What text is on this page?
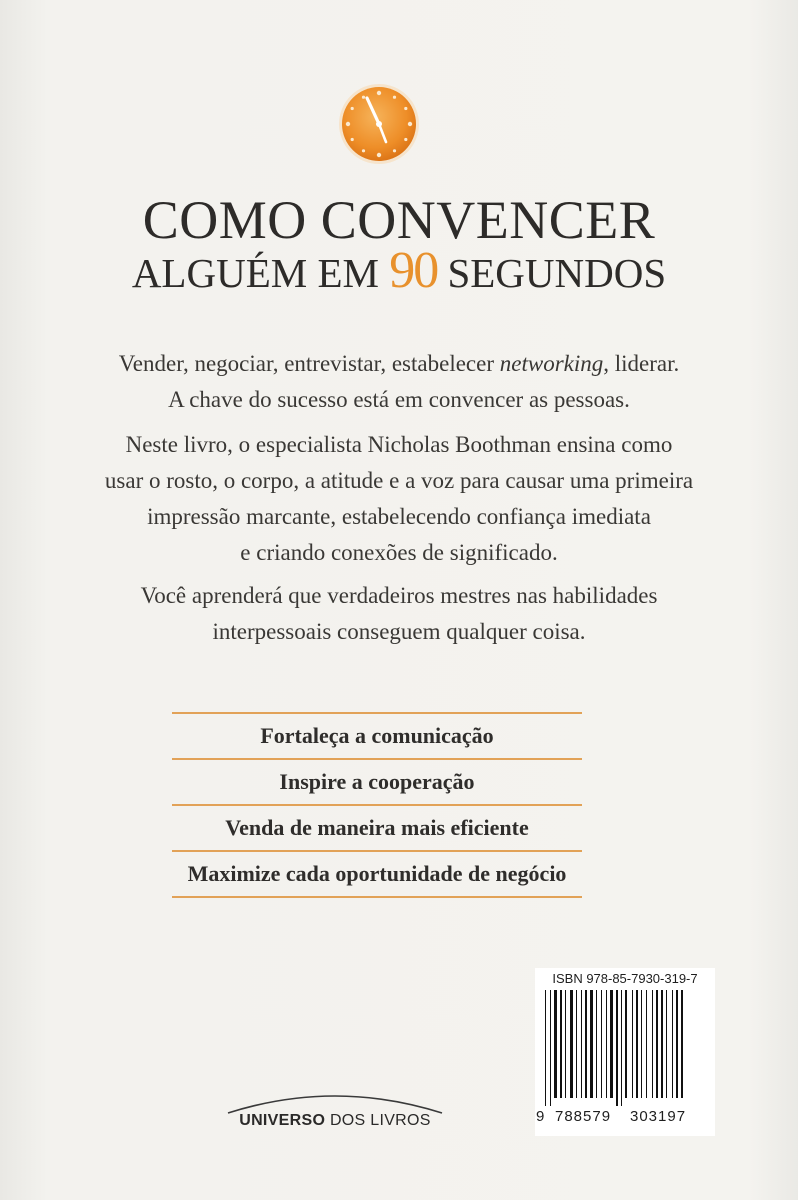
COMO CONVENCER
ALGUÉM EM 90 SEGUNDOS

Vender, negociar, entrevistar, estabelecer networking, liderar.
A chave do sucesso está em convencer as pessoas.

Neste livro, o especialista Nicholas Boothman ensina como
usar o rosto, o corpo, a atitude e a voz para causar uma primeira
impressão marcante, estabelecendo confiança imediata
e criando conexões de significado.

Você aprenderá que verdadeiros mestres nas habilidades
interpessoais conseguem qualquer coisa.

Fortaleça a comunicação
Inspire a cooperação
Venda de maneira mais eficiente
Maximize cada oportunidade de negócio
UNIVERSO DOS LIVROS
ISBN 978-85-7930-319-7
9 788579 303197
